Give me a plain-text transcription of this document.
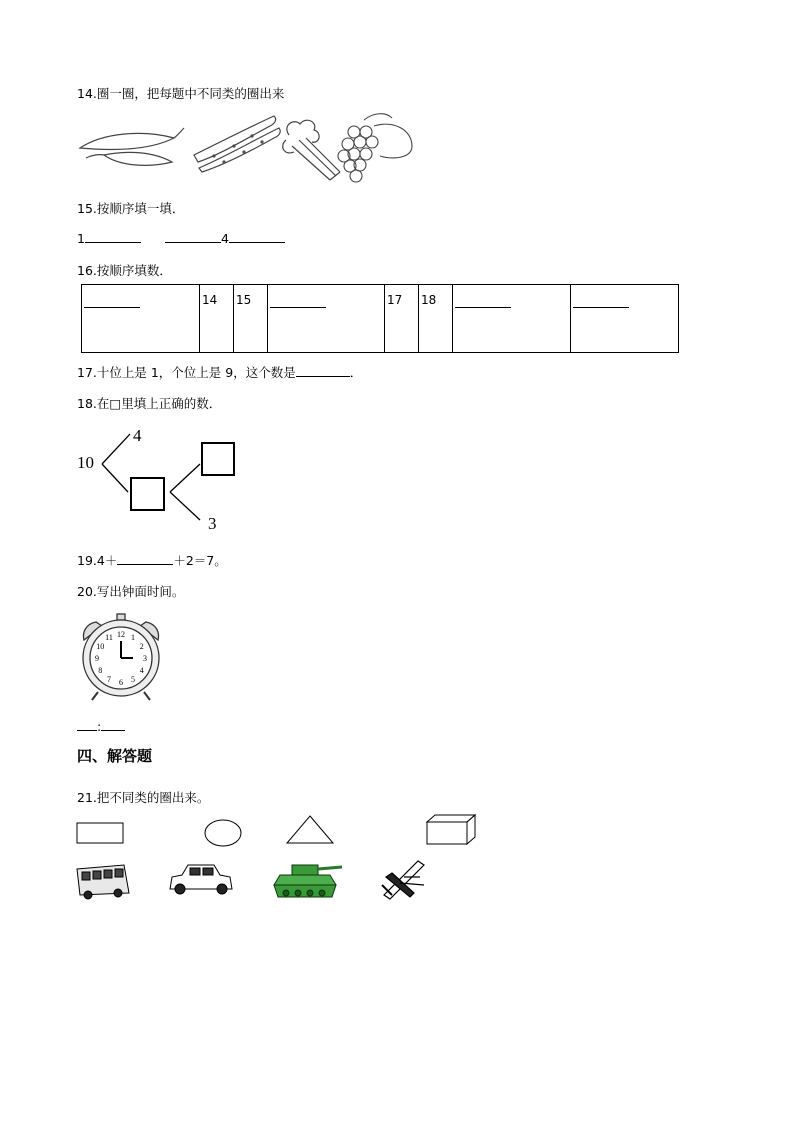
14.圈一圈，把每题中不同类的圈出来
15.按顺序填一填．
1	4
16.按顺序填数．
	14	15		17	18		
17.十位上是 1，个位上是 9，这个数是	．
18.在□里填上正确的数．
10
4
3
19.4＋	＋2＝7。
20.写出钟面时间。
12 1
2
3
4
5
6
7
8
9
10
11
:
四、解答题
21.把不同类的圈出来。
